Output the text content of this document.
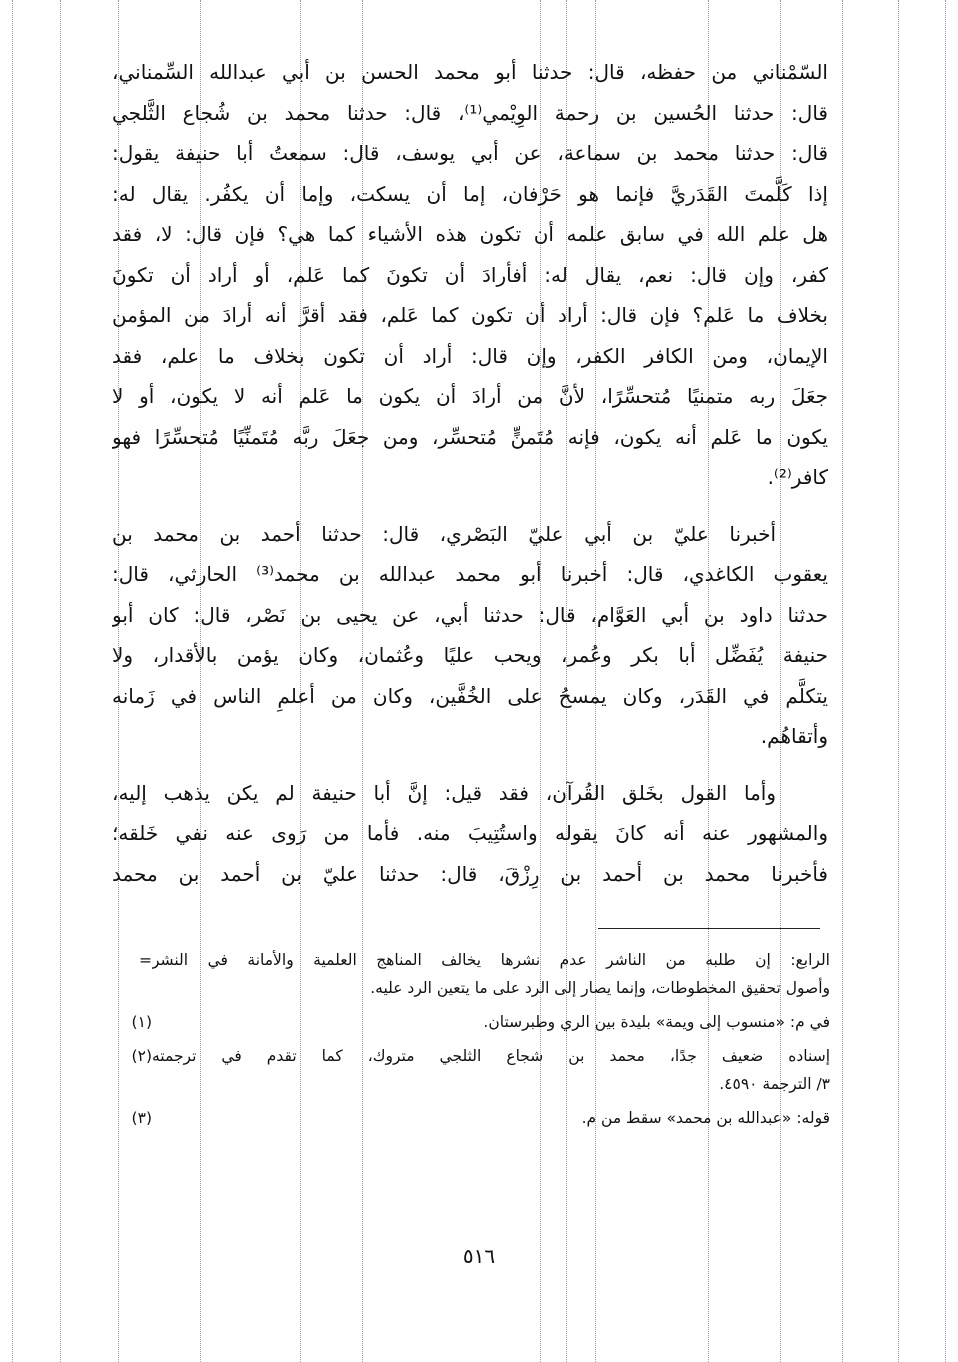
السّمْناني من حفظه، قال: حدثنا أبو محمد الحسن بن أبي عبدالله السِّمناني،
قال: حدثنا الحُسين بن رحمة الوِيْمي⁽¹⁾، قال: حدثنا محمد بن شُجاع الثَّلجي
قال: حدثنا محمد بن سماعة، عن أبي يوسف، قال: سمعتُ أبا حنيفة يقول:
إذا كَلَّمتَ القَدَريَّ فإنما هو حَرْفان، إما أن يسكت، وإما أن يكفُر. يقال له:
هل علم الله في سابق علمه أن تكون هذه الأشياء كما هي؟ فإن قال: لا، فقد
كفر، وإن قال: نعم، يقال له: أفأرادَ أن تكونَ كما عَلم، أو أراد أن تكونَ
بخلاف ما عَلم؟ فإن قال: أراد أن تكون كما عَلم، فقد أقرَّ أنه أرادَ من المؤمن
الإيمان، ومن الكافر الكفر، وإن قال: أراد أن تكون بخلاف ما علم، فقد
جعَلَ ربه متمنيًا مُتحسِّرًا، لأنَّ من أرادَ أن يكون ما عَلم أنه لا يكون، أو لا
يكون ما عَلم أنه يكون، فإنه مُتَمنٍّ مُتحسِّر، ومن جعَلَ ربَّه مُتَمنِّيًا مُتحسِّرًا فهو
كافر⁽²⁾.
أخبرنا عليّ بن أبي عليّ البَصْري، قال: حدثنا أحمد بن محمد بن
يعقوب الكاغدي، قال: أخبرنا أبو محمد عبدالله بن محمد⁽³⁾ الحارثي، قال:
حدثنا داود بن أبي العَوَّام، قال: حدثنا أبي، عن يحيى بن نَصْر، قال: كان أبو
حنيفة يُفَضِّل أبا بكر وعُمر، ويحب عليًا وعُثمان، وكان يؤمن بالأقدار، ولا
يتكلَّم في القَدَر، وكان يمسحُ على الخُفَّين، وكان من أعلمِ الناس في زَمانه
وأتقاهُم.
وأما القول بخَلق القُرآن، فقد قيل: إنَّ أبا حنيفة لم يكن يذهب إليه،
والمشهور عنه أنه كانَ يقوله واستُتِيبَ منه. فأما من رَوى عنه نفي خَلقه؛
فأخبرنا محمد بن أحمد بن رِزْقَ، قال: حدثنا عليّ بن أحمد بن محمد
= الرابع: إن طلبه من الناشر عدم نشرها يخالف المناهج العلمية والأمانة في النشر
وأصول تحقيق المخطوطات، وإنما يصار إلى الرد على ما يتعين الرد عليه.
(١)	في م: «منسوب إلى ويمة» بليدة بين الري وطبرستان.
(٢) إسناده ضعيف جدًا، محمد بن شجاع الثلجي متروك، كما تقدم في ترجمته
٣/ الترجمة ٤٥٩٠.
(٣)	قوله: «عبدالله بن محمد» سقط من م.
٥١٦
